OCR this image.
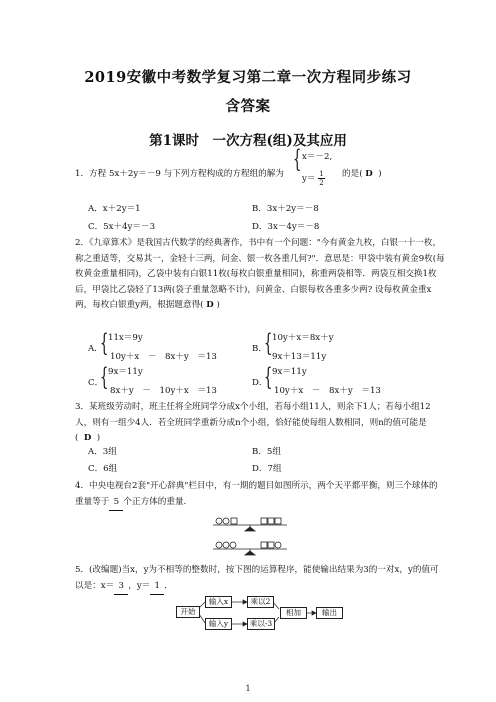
2019安徽中考数学复习第二章一次方程同步练习
含答案
第1课时　一次方程(组)及其应用
1．方程 5x＋2y＝－9 与下列方程构成的方程组的解为
{ x＝－2,
$y= \frac{1}{2}$ 的是( D )
A．x＋2y＝1	B．3x＋2y＝－8
C．5x＋4y＝－3	D．3x－4y＝－8
2．《九章算术》是我国古代数学的经典著作，书中有一个问题："今有黄金九枚，白银一十一枚，称之重适等，交易其一，金轻十三两，问金、银一枚各重几何?"．意思是：甲袋中装有黄金9枚(每枚黄金重量相同)，乙袋中装有白银11枚(每枚白银重量相同)，称重两袋相等．两袋互相交换1枚后，甲袋比乙袋轻了13两(袋子重量忽略不计)，问黄金、白银每枚各重多少两? 设每枚黄金重x两，每枚白银重y两，根据题意得( D )
A．
{ 11x＝9y
10y＋x　－　8x＋y　＝13
B．
{ 10y＋x＝8x＋y
9x＋13＝11y
C．
{ 9x＝11y
8x＋y　－　10y＋x　＝13
D．
{ 9x＝11y
10y＋x　－　8x＋y　＝13
3．某班级劳动时，班主任将全班同学分成x个小组，若每小组11人，则余下1人；若每小组12人，则有一组少4人．若全班同学重新分成n个小组，恰好能使每组人数相同，则n的值可能是( D )
A．3组	B．5组
C．6组	D．7组
4．中央电视台2套"开心辞典"栏目中，有一期的题目如图所示，两个天平都平衡，则三个球体的重量等于 5 个正方体的重量.
5．(改编题)当x，y为不相等的整数时，按下图的运算程序，能使输出结果为3的一对x，y的值可以是：x＝ 3 ，y＝ 1 ．
开始
输入x	乘以2
输入y	乘以-3
相加	输出
1
